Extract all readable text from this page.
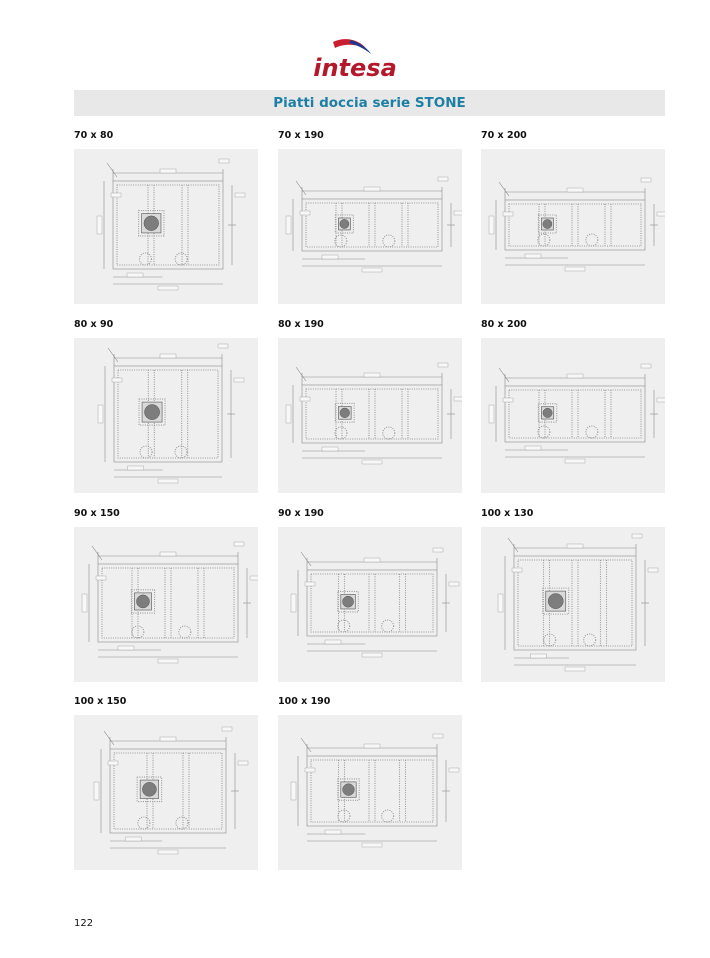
intesa
Piatti doccia serie STONE
70 x 80	70 x 190	70 x 200
80 x 90	80 x 190	80 x 200
90 x 150	90 x 190	100 x 130
100 x 150	100 x 190
122
